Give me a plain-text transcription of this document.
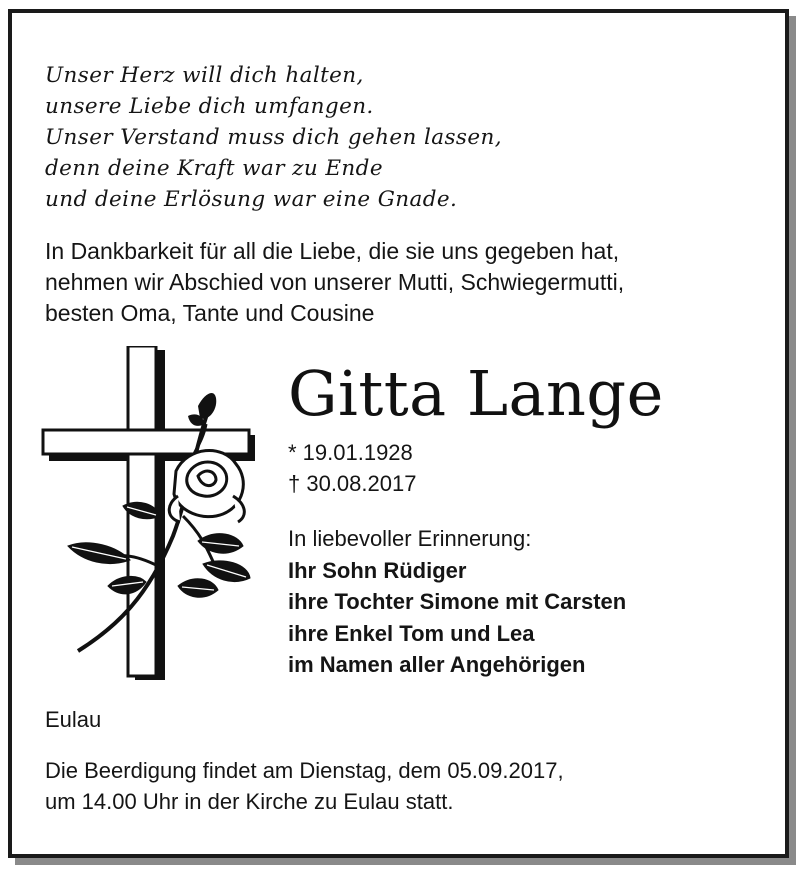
Unser Herz will dich halten,
unsere Liebe dich umfangen.
Unser Verstand muss dich gehen lassen,
denn deine Kraft war zu Ende
und deine Erlösung war eine Gnade.
In Dankbarkeit für all die Liebe, die sie uns gegeben hat,
nehmen wir Abschied von unserer Mutti, Schwiegermutti,
besten Oma, Tante und Cousine
Gitta Lange
* 19.01.1928
† 30.08.2017
In liebevoller Erinnerung:
Ihr Sohn Rüdiger
ihre Tochter Simone mit Carsten
ihre Enkel Tom und Lea
im Namen aller Angehörigen
Eulau
Die Beerdigung findet am Dienstag, dem 05.09.2017,
um 14.00 Uhr in der Kirche zu Eulau statt.
